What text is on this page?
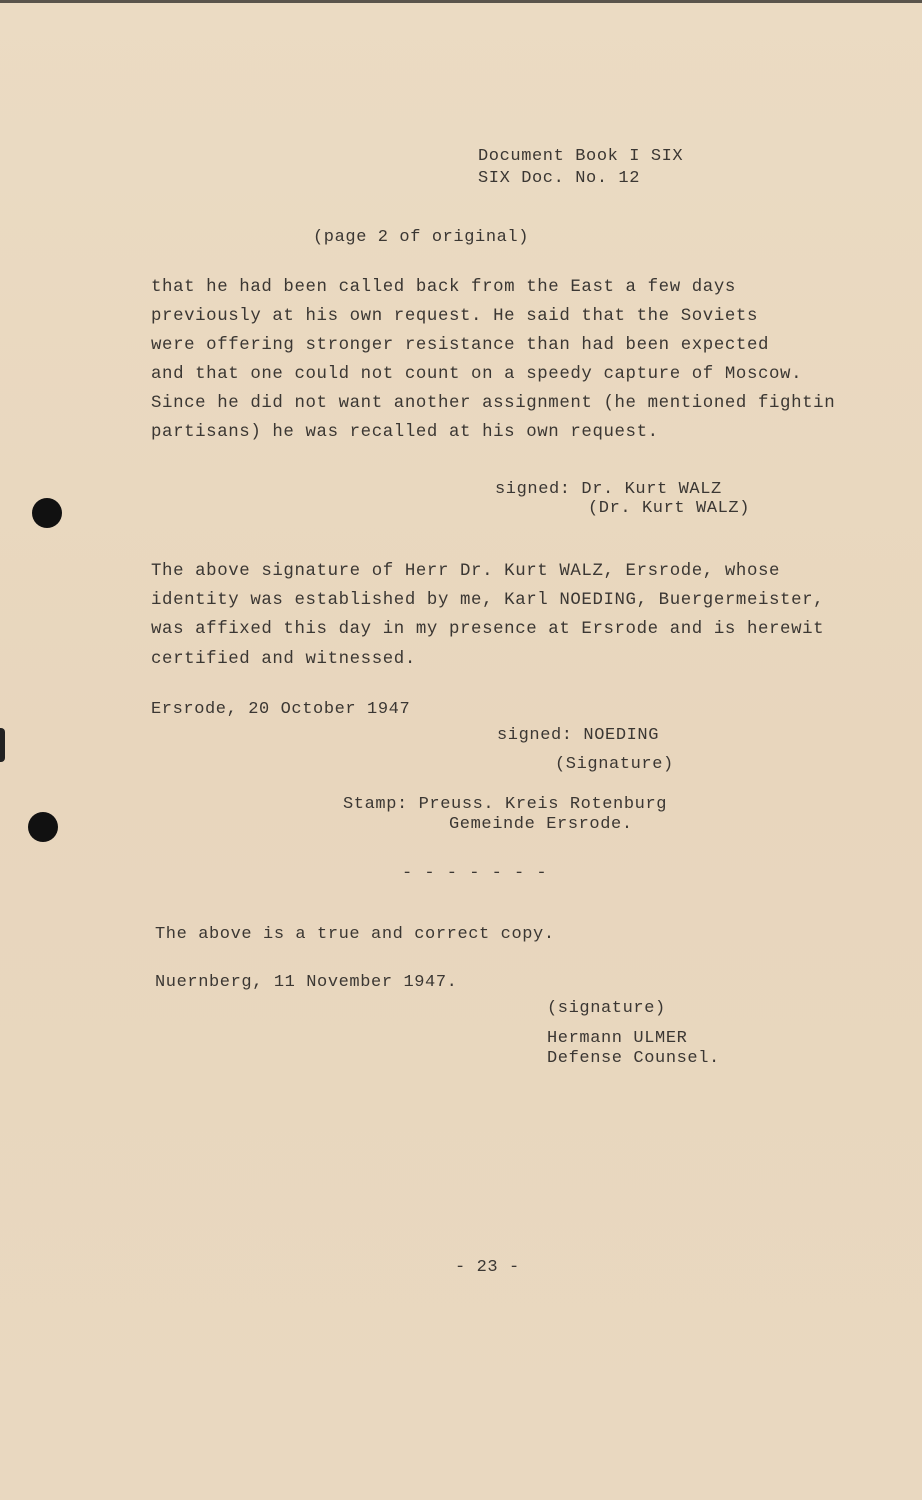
Document Book I SIX
SIX Doc. No. 12
(page 2 of original)
that he had been called back from the East a few days
previously at his own request. He said that the Soviets
were offering stronger resistance than had been expected
and that one could not count on a speedy capture of Moscow.
Since he did not want another assignment (he mentioned fightin
partisans) he was recalled at his own request.
signed: Dr. Kurt WALZ
(Dr. Kurt WALZ)
The above signature of Herr Dr. Kurt WALZ, Ersrode, whose
identity was established by me, Karl NOEDING, Buergermeister,
was affixed this day in my presence at Ersrode and is herewit
certified and witnessed.
Ersrode, 20 October 1947
signed: NOEDING
(Signature)
Stamp: Preuss. Kreis Rotenburg
Gemeinde Ersrode.
- - - - - - -
The above is a true and correct copy.
Nuernberg, 11 November 1947.
(signature)
Hermann ULMER
Defense Counsel.
- 23 -
